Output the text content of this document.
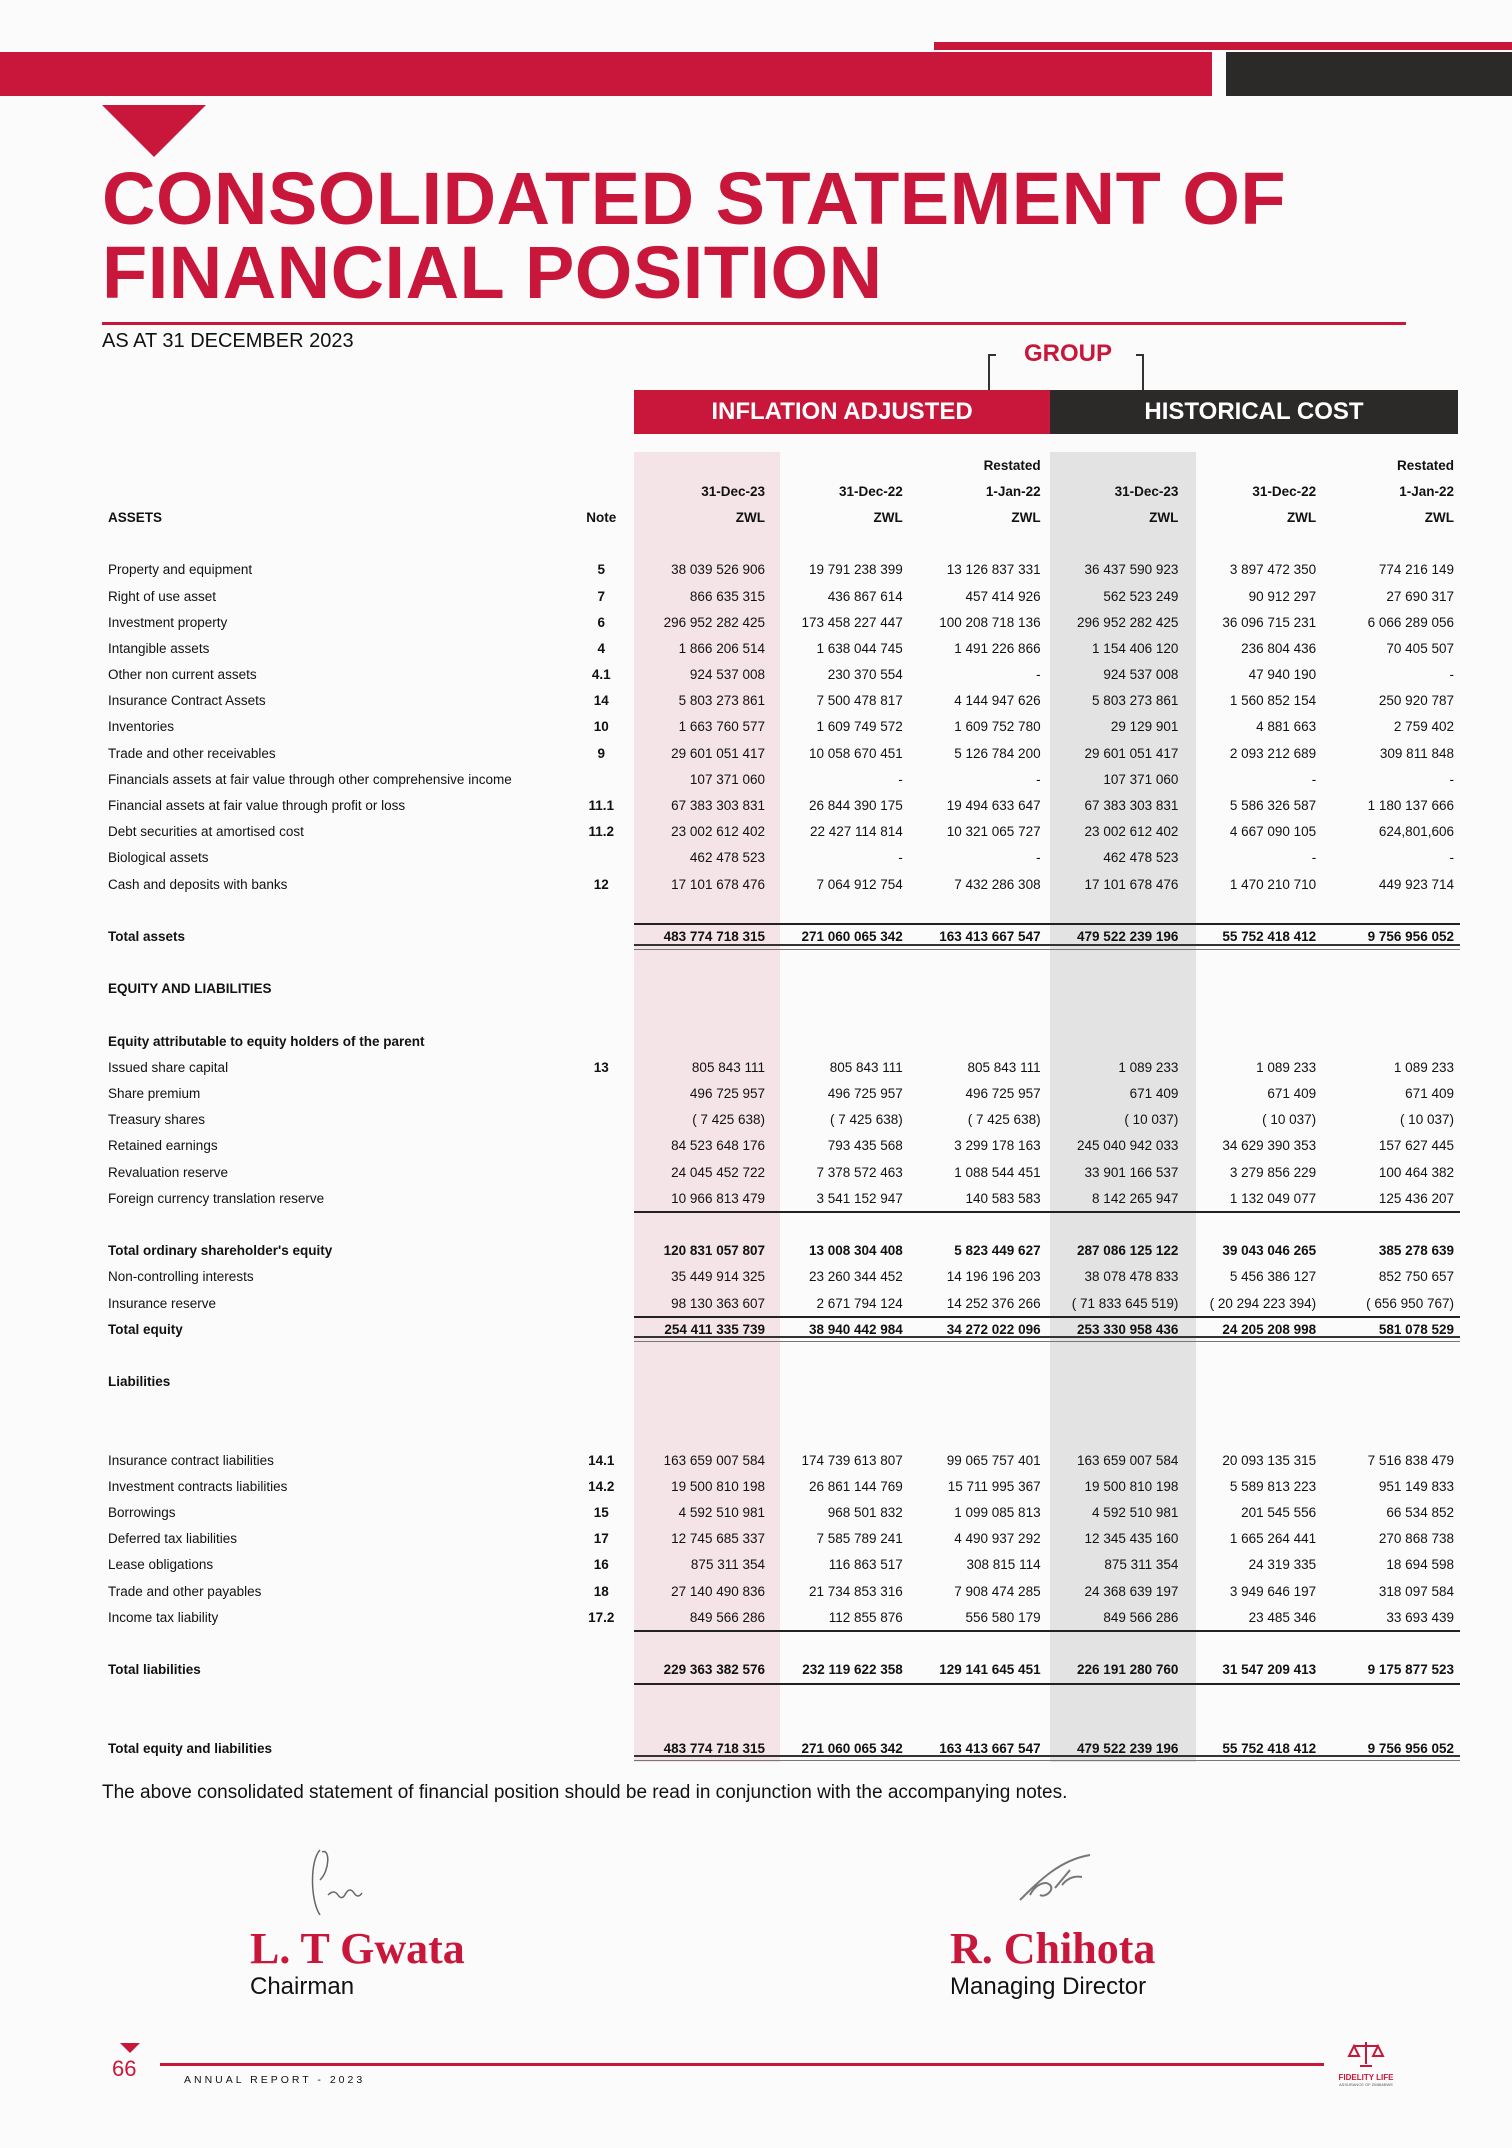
CONSOLIDATED STATEMENT OF FINANCIAL POSITION
AS AT 31 DECEMBER 2023	GROUP
INFLATION ADJUSTED	HISTORICAL COST
Restated	Restated
31-Dec-23	31-Dec-22	1-Jan-22	31-Dec-23	31-Dec-22	1-Jan-22
ASSETS	Note	ZWL	ZWL	ZWL	ZWL	ZWL	ZWL
Property and equipment	5	38 039 526 906	19 791 238 399	13 126 837 331	36 437 590 923	3 897 472 350	774 216 149
Right of use asset	7	866 635 315	436 867 614	457 414 926	562 523 249	90 912 297	27 690 317
Investment property	6	296 952 282 425	173 458 227 447	100 208 718 136	296 952 282 425	36 096 715 231	6 066 289 056
Intangible assets	4	1 866 206 514	1 638 044 745	1 491 226 866	1 154 406 120	236 804 436	70 405 507
Other non current assets	4.1	924 537 008	230 370 554	-	924 537 008	47 940 190	-
Insurance Contract Assets	14	5 803 273 861	7 500 478 817	4 144 947 626	5 803 273 861	1 560 852 154	250 920 787
Inventories	10	1 663 760 577	1 609 749 572	1 609 752 780	29 129 901	4 881 663	2 759 402
Trade and other receivables	9	29 601 051 417	10 058 670 451	5 126 784 200	29 601 051 417	2 093 212 689	309 811 848
Financials assets at fair value through other comprehensive income	107 371 060	-	-	107 371 060	-	-
Financial assets at fair value through profit or loss	11.1	67 383 303 831	26 844 390 175	19 494 633 647	67 383 303 831	5 586 326 587	1 180 137 666
Debt securities at amortised cost	11.2	23 002 612 402	22 427 114 814	10 321 065 727	23 002 612 402	4 667 090 105	624,801,606
Biological assets	462 478 523	-	-	462 478 523	-	-
Cash and deposits with banks	12	17 101 678 476	7 064 912 754	7 432 286 308	17 101 678 476	1 470 210 710	449 923 714
Total assets	483 774 718 315	271 060 065 342	163 413 667 547	479 522 239 196	55 752 418 412	9 756 956 052
EQUITY AND LIABILITIES
Equity attributable to equity holders of the parent
Issued share capital	13	805 843 111	805 843 111	805 843 111	1 089 233	1 089 233	1 089 233
Share premium	496 725 957	496 725 957	496 725 957	671 409	671 409	671 409
Treasury shares	( 7 425 638)	( 7 425 638)	( 7 425 638)	( 10 037)	( 10 037)	( 10 037)
Retained earnings	84 523 648 176	793 435 568	3 299 178 163	245 040 942 033	34 629 390 353	157 627 445
Revaluation reserve	24 045 452 722	7 378 572 463	1 088 544 451	33 901 166 537	3 279 856 229	100 464 382
Foreign currency translation reserve	10 966 813 479	3 541 152 947	140 583 583	8 142 265 947	1 132 049 077	125 436 207
Total ordinary shareholder's equity	120 831 057 807	13 008 304 408	5 823 449 627	287 086 125 122	39 043 046 265	385 278 639
Non-controlling interests	35 449 914 325	23 260 344 452	14 196 196 203	38 078 478 833	5 456 386 127	852 750 657
Insurance reserve	98 130 363 607	2 671 794 124	14 252 376 266	( 71 833 645 519)	( 20 294 223 394)	( 656 950 767)
Total equity	254 411 335 739	38 940 442 984	34 272 022 096	253 330 958 436	24 205 208 998	581 078 529
Liabilities
Insurance contract liabilities	14.1	163 659 007 584	174 739 613 807	99 065 757 401	163 659 007 584	20 093 135 315	7 516 838 479
Investment contracts liabilities	14.2	19 500 810 198	26 861 144 769	15 711 995 367	19 500 810 198	5 589 813 223	951 149 833
Borrowings	15	4 592 510 981	968 501 832	1 099 085 813	4 592 510 981	201 545 556	66 534 852
Deferred tax liabilities	17	12 745 685 337	7 585 789 241	4 490 937 292	12 345 435 160	1 665 264 441	270 868 738
Lease obligations	16	875 311 354	116 863 517	308 815 114	875 311 354	24 319 335	18 694 598
Trade and other payables	18	27 140 490 836	21 734 853 316	7 908 474 285	24 368 639 197	3 949 646 197	318 097 584
Income tax liability	17.2	849 566 286	112 855 876	556 580 179	849 566 286	23 485 346	33 693 439
Total liabilities	229 363 382 576	232 119 622 358	129 141 645 451	226 191 280 760	31 547 209 413	9 175 877 523
Total equity and liabilities	483 774 718 315	271 060 065 342	163 413 667 547	479 522 239 196	55 752 418 412	9 756 956 052

The above consolidated statement of financial position should be read in conjunction with the accompanying notes.

L. T Gwata
Chairman
R. Chihota
Managing Director
66	ANNUAL REPORT - 2023	FIDELITY LIFE
ASSURANCE OF ZIMBABWE
